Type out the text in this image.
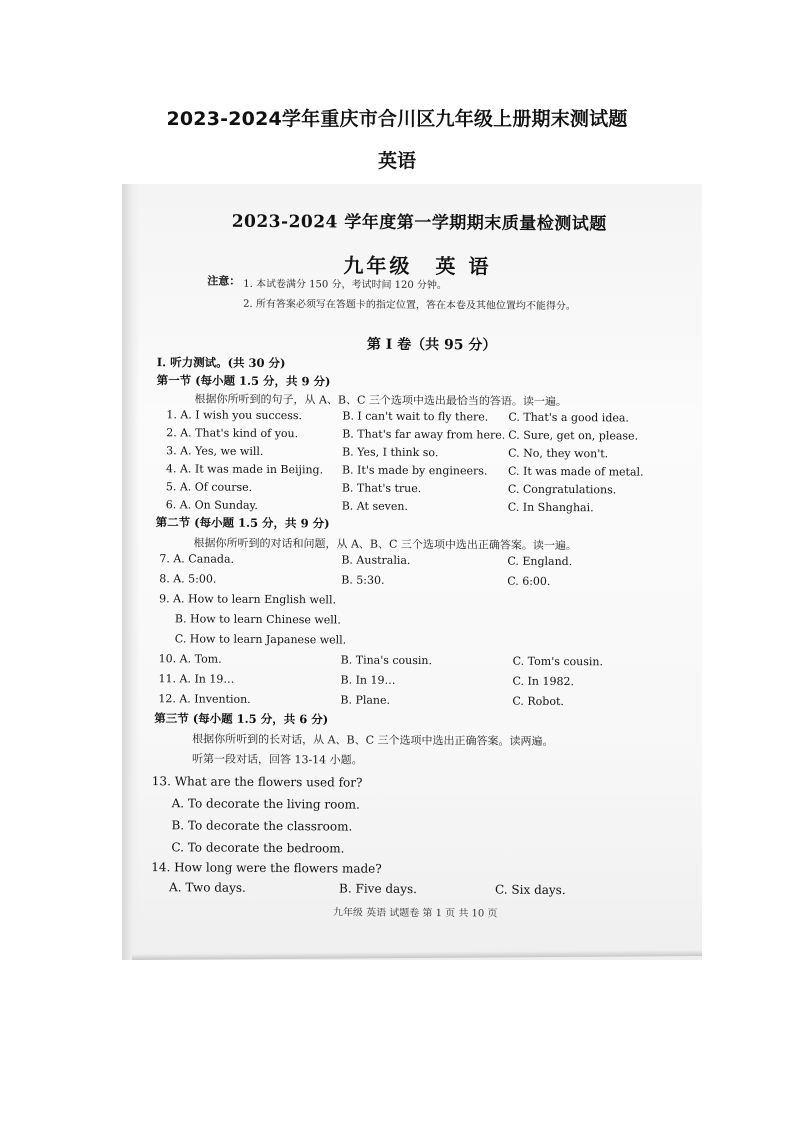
2023-2024学年重庆市合川区九年级上册期末测试题
英语
2023-2024 学年度第一学期期末质量检测试题
九年级　英 语
注意： 1. 本试卷满分 150 分，考试时间 120 分钟。
2. 所有答案必须写在答题卡的指定位置，答在本卷及其他位置均不能得分。
第 I 卷（共 95 分）
I. 听力测试。(共 30 分)
第一节 (每小题 1.5 分，共 9 分)
根据你所听到的句子，从 A、B、C 三个选项中选出最恰当的答语。读一遍。
1. A. I wish you success.	B. I can't wait to fly there. C. That's a good idea.
2. A. That's kind of you.	B. That's far away from here. C. Sure, get on, please.
3. A. Yes, we will.	B. Yes, I think so.	C. No, they won't.
4. A. It was made in Beijing. B. It's made by engineers. C. It was made of metal.
5. A. Of course.	B. That's true.	C. Congratulations.
6. A. On Sunday.	B. At seven.	C. In Shanghai.
第二节 (每小题 1.5 分，共 9 分)
根据你所听到的对话和问题，从 A、B、C 三个选项中选出正确答案。读一遍。
7. A. Canada.	B. Australia.	C. England.
8. A. 5:00.	B. 5:30.	C. 6:00.
9. A. How to learn English well.
B. How to learn Chinese well.
C. How to learn Japanese well.
10. A. Tom.	B. Tina's cousin.	C. Tom's cousin.
11. A. In 19…	B. In 19…	C. In 1982.
12. A. Invention.	B. Plane.	C. Robot.
第三节 (每小题 1.5 分，共 6 分)
根据你所听到的长对话，从 A、B、C 三个选项中选出正确答案。读两遍。
听第一段对话，回答 13-14 小题。
13. What are the flowers used for?
A. To decorate the living room.
B. To decorate the classroom.
C. To decorate the bedroom.
14. How long were the flowers made?
A. Two days.	B. Five days.	C. Six days.
九年级 英语 试题卷 第 1 页 共 10 页
